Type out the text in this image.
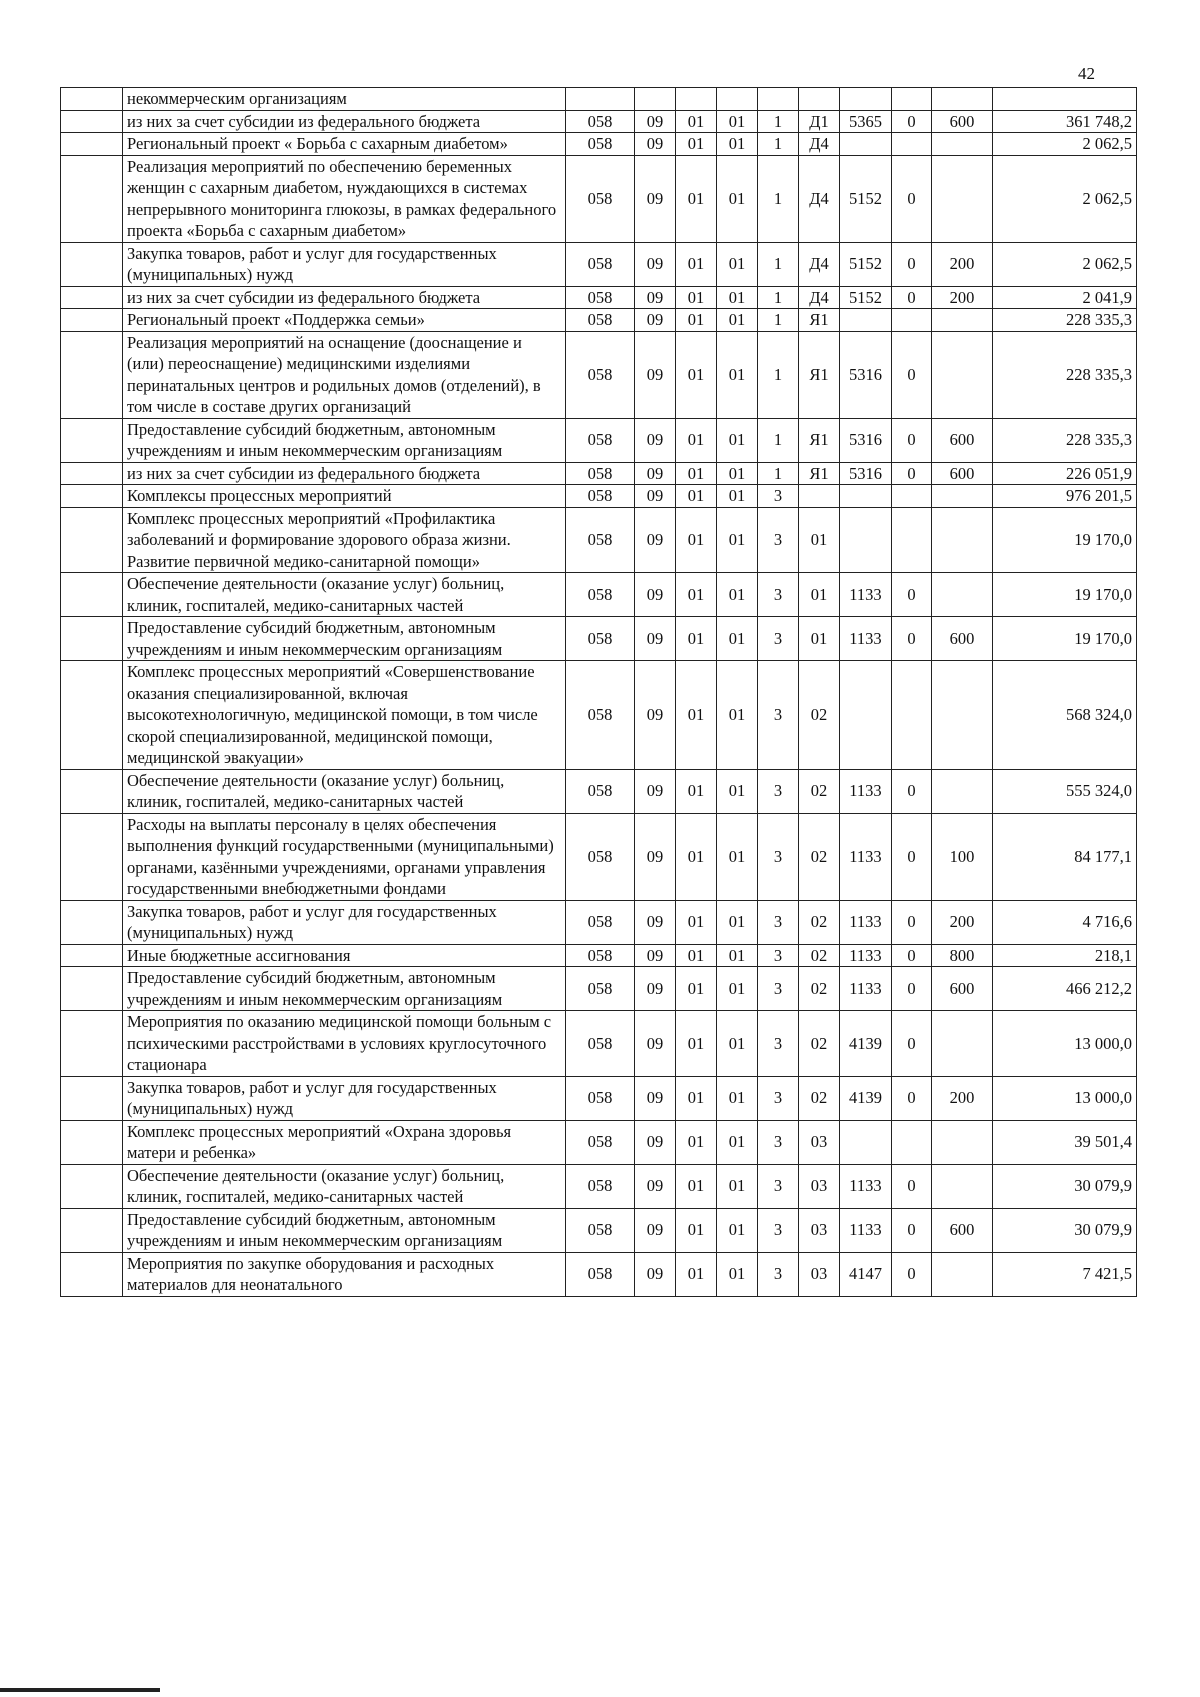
42
	некоммерческим организациям										
	из них за счет субсидии из федерального бюджета	058	09	01	01	1	Д1	5365	0	600	361 748,2
	Региональный проект « Борьба с сахарным диабетом»	058	09	01	01	1	Д4				2 062,5
	Реализация мероприятий по обеспечению беременных женщин с сахарным диабетом, нуждающихся в системах непрерывного мониторинга глюкозы, в рамках федерального проекта «Борьба с сахарным диабетом»	058	09	01	01	1	Д4	5152	0		2 062,5
	Закупка товаров, работ и услуг для государственных (муниципальных) нужд	058	09	01	01	1	Д4	5152	0	200	2 062,5
	из них за счет субсидии из федерального бюджета	058	09	01	01	1	Д4	5152	0	200	2 041,9
	Региональный проект «Поддержка семьи»	058	09	01	01	1	Я1				228 335,3
	Реализация мероприятий на оснащение (дооснащение и (или) переоснащение) медицинскими изделиями перинатальных центров и родильных домов (отделений), в том числе в составе других организаций	058	09	01	01	1	Я1	5316	0		228 335,3
	Предоставление субсидий бюджетным, автономным учреждениям и иным некоммерческим организациям	058	09	01	01	1	Я1	5316	0	600	228 335,3
	из них за счет субсидии из федерального бюджета	058	09	01	01	1	Я1	5316	0	600	226 051,9
	Комплексы процессных мероприятий	058	09	01	01	3					976 201,5
	Комплекс процессных мероприятий «Профилактика заболеваний и формирование здорового образа жизни. Развитие первичной медико-санитарной помощи»	058	09	01	01	3	01				19 170,0
	Обеспечение деятельности (оказание услуг) больниц, клиник, госпиталей, медико-санитарных частей	058	09	01	01	3	01	1133	0		19 170,0
	Предоставление субсидий бюджетным, автономным учреждениям и иным некоммерческим организациям	058	09	01	01	3	01	1133	0	600	19 170,0
	Комплекс процессных мероприятий «Совершенствование оказания специализированной, включая высокотехнологичную, медицинской помощи, в том числе скорой специализированной, медицинской помощи, медицинской эвакуации»	058	09	01	01	3	02				568 324,0
	Обеспечение деятельности (оказание услуг) больниц, клиник, госпиталей, медико-санитарных частей	058	09	01	01	3	02	1133	0		555 324,0
	Расходы на выплаты персоналу в целях обеспечения выполнения функций государственными (муниципальными) органами, казёнными учреждениями, органами управления государственными внебюджетными фондами	058	09	01	01	3	02	1133	0	100	84 177,1
	Закупка товаров, работ и услуг для государственных (муниципальных) нужд	058	09	01	01	3	02	1133	0	200	4 716,6
	Иные бюджетные ассигнования	058	09	01	01	3	02	1133	0	800	218,1
	Предоставление субсидий бюджетным, автономным учреждениям и иным некоммерческим организациям	058	09	01	01	3	02	1133	0	600	466 212,2
	Мероприятия по оказанию медицинской помощи больным с психическими расстройствами в условиях круглосуточного стационара	058	09	01	01	3	02	4139	0		13 000,0
	Закупка товаров, работ и услуг для государственных (муниципальных) нужд	058	09	01	01	3	02	4139	0	200	13 000,0
	Комплекс процессных мероприятий «Охрана здоровья матери и ребенка»	058	09	01	01	3	03				39 501,4
	Обеспечение деятельности (оказание услуг) больниц, клиник, госпиталей, медико-санитарных частей	058	09	01	01	3	03	1133	0		30 079,9
	Предоставление субсидий бюджетным, автономным учреждениям и иным некоммерческим организациям	058	09	01	01	3	03	1133	0	600	30 079,9
	Мероприятия по закупке оборудования и расходных материалов для неонатального	058	09	01	01	3	03	4147	0		7 421,5
